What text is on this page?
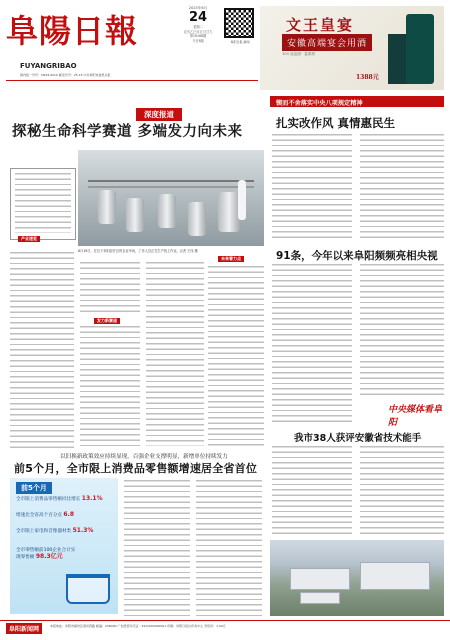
阜陽日報
FUYANGRIBAO
国内统一刊号：CN34-0010 邮发代号：25-15 中共阜阳市委机关报
2025年6月
24
星期二
农历乙巳年五月廿九
第16168期
今日8版	阜阳日报·新闻
文王皇宴
安徽高端宴会用酒
100 品鉴酒 · 宴席酒
1388元
深度报道
探秘生命科学赛道 多端发力向未来
产业速览
6月19日，在位于阜阳经开区的企业车间，工作人员正在生产线上作业。记者 王伟 摄
发力新赛道
未来着力点
锲而不舍落实中央八项规定精神
扎实改作风 真情惠民生
91条，今年以来阜阳频频亮相央视
中央媒体看阜阳
我市38人获评安徽省技术能手
以旧换新政策效应持续显现，百强企业支撑明显，新增单位持续发力
前5个月，全市限上消费品零售额增速居全省首位
前5个月
全市限上消费品零售额同比增长 13.1%
增速比全省高个百分点 6.8
全市限上家电和音像器材类 51.3%
全市零售额前100企业合计实现零售额 98.3亿元
本报地址：阜阳市颍州区清河西路 邮编：236000 广告经营许可证：3412004000001 印刷：阜阳日报社印务中心 零售价：1.00元
阜阳新闻网
